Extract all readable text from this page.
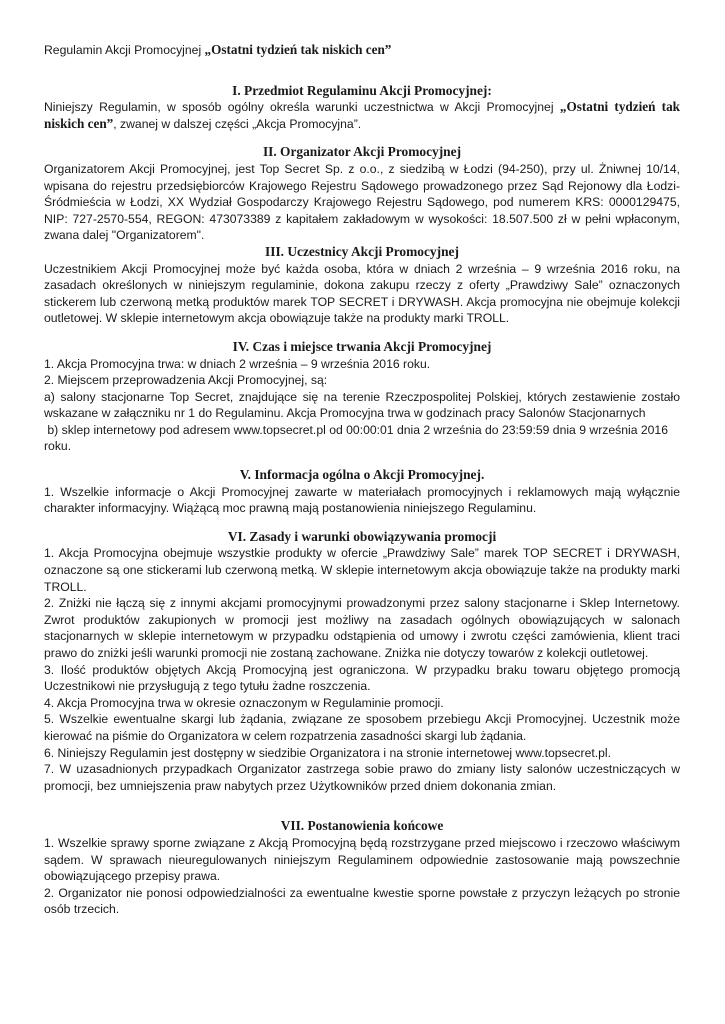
Regulamin Akcji Promocyjnej „Ostatni tydzień tak niskich cen”

I. Przedmiot Regulaminu Akcji Promocyjnej:

Niniejszy Regulamin, w sposób ogólny określa warunki uczestnictwa w Akcji Promocyjnej „Ostatni tydzień tak niskich cen”, zwanej w dalszej części „Akcja Promocyjna”.

II. Organizator Akcji Promocyjnej

Organizatorem Akcji Promocyjnej, jest Top Secret Sp. z o.o., z siedzibą w Łodzi (94-250), przy ul. Żniwnej 10/14, wpisana do rejestru przedsiębiorców Krajowego Rejestru Sądowego prowadzonego przez Sąd Rejonowy dla Łodzi-Śródmieścia w Łodzi, XX Wydział Gospodarczy Krajowego Rejestru Sądowego, pod numerem KRS: 0000129475, NIP: 727-2570-554, REGON: 473073389 z kapitałem zakładowym w wysokości: 18.507.500 zł w pełni wpłaconym, zwana dalej "Organizatorem".

III. Uczestnicy Akcji Promocyjnej

Uczestnikiem Akcji Promocyjnej może być każda osoba, która w dniach 2 września – 9 września 2016 roku, na zasadach określonych w niniejszym regulaminie, dokona zakupu rzeczy z oferty „Prawdziwy Sale” oznaczonych stickerem lub czerwoną metką produktów marek TOP SECRET i DRYWASH. Akcja promocyjna nie obejmuje kolekcji outletowej. W sklepie internetowym akcja obowiązuje także na produkty marki TROLL.

IV. Czas i miejsce trwania Akcji Promocyjnej

1. Akcja Promocyjna trwa: w dniach 2 września – 9 września 2016 roku.

2. Miejscem przeprowadzenia Akcji Promocyjnej, są:

a) salony stacjonarne Top Secret, znajdujące się na terenie Rzeczpospolitej Polskiej, których zestawienie zostało wskazane w załączniku nr 1 do Regulaminu. Akcja Promocyjna trwa w godzinach pracy Salonów Stacjonarnych

b) sklep internetowy pod adresem www.topsecret.pl od 00:00:01 dnia 2 września do 23:59:59 dnia 9 września 2016 roku.

V. Informacja ogólna o Akcji Promocyjnej.

1. Wszelkie informacje o Akcji Promocyjnej zawarte w materiałach promocyjnych i reklamowych mają wyłącznie charakter informacyjny. Wiążącą moc prawną mają postanowienia niniejszego Regulaminu.

VI. Zasady i warunki obowiązywania promocji

1. Akcja Promocyjna obejmuje wszystkie produkty w ofercie „Prawdziwy Sale” marek TOP SECRET i DRYWASH, oznaczone są one stickerami lub czerwoną metką. W sklepie internetowym akcja obowiązuje także na produkty marki TROLL.

2. Zniżki nie łączą się z innymi akcjami promocyjnymi prowadzonymi przez salony stacjonarne i Sklep Internetowy. Zwrot produktów zakupionych w promocji jest możliwy na zasadach ogólnych obowiązujących w salonach stacjonarnych w sklepie internetowym w przypadku odstąpienia od umowy i zwrotu części zamówienia, klient traci prawo do zniżki jeśli warunki promocji nie zostaną zachowane. Zniżka nie dotyczy towarów z kolekcji outletowej.

3. Ilość produktów objętych Akcją Promocyjną jest ograniczona. W przypadku braku towaru objętego promocją Uczestnikowi nie przysługują z tego tytułu żadne roszczenia.

4. Akcja Promocyjna trwa w okresie oznaczonym w Regulaminie promocji.

5. Wszelkie ewentualne skargi lub żądania, związane ze sposobem przebiegu Akcji Promocyjnej. Uczestnik może kierować na piśmie do Organizatora w celem rozpatrzenia zasadności skargi lub żądania.

6. Niniejszy Regulamin jest dostępny w siedzibie Organizatora i na stronie internetowej www.topsecret.pl.

7. W uzasadnionych przypadkach Organizator zastrzega sobie prawo do zmiany listy salonów uczestniczących w promocji, bez umniejszenia praw nabytych przez Użytkowników przed dniem dokonania zmian.

VII. Postanowienia końcowe

1. Wszelkie sprawy sporne związane z Akcją Promocyjną będą rozstrzygane przed miejscowo i rzeczowo właściwym sądem. W sprawach nieuregulowanych niniejszym Regulaminem odpowiednie zastosowanie mają powszechnie obowiązującego przepisy prawa.

2. Organizator nie ponosi odpowiedzialności za ewentualne kwestie sporne powstałe z przyczyn leżących po stronie osób trzecich.
